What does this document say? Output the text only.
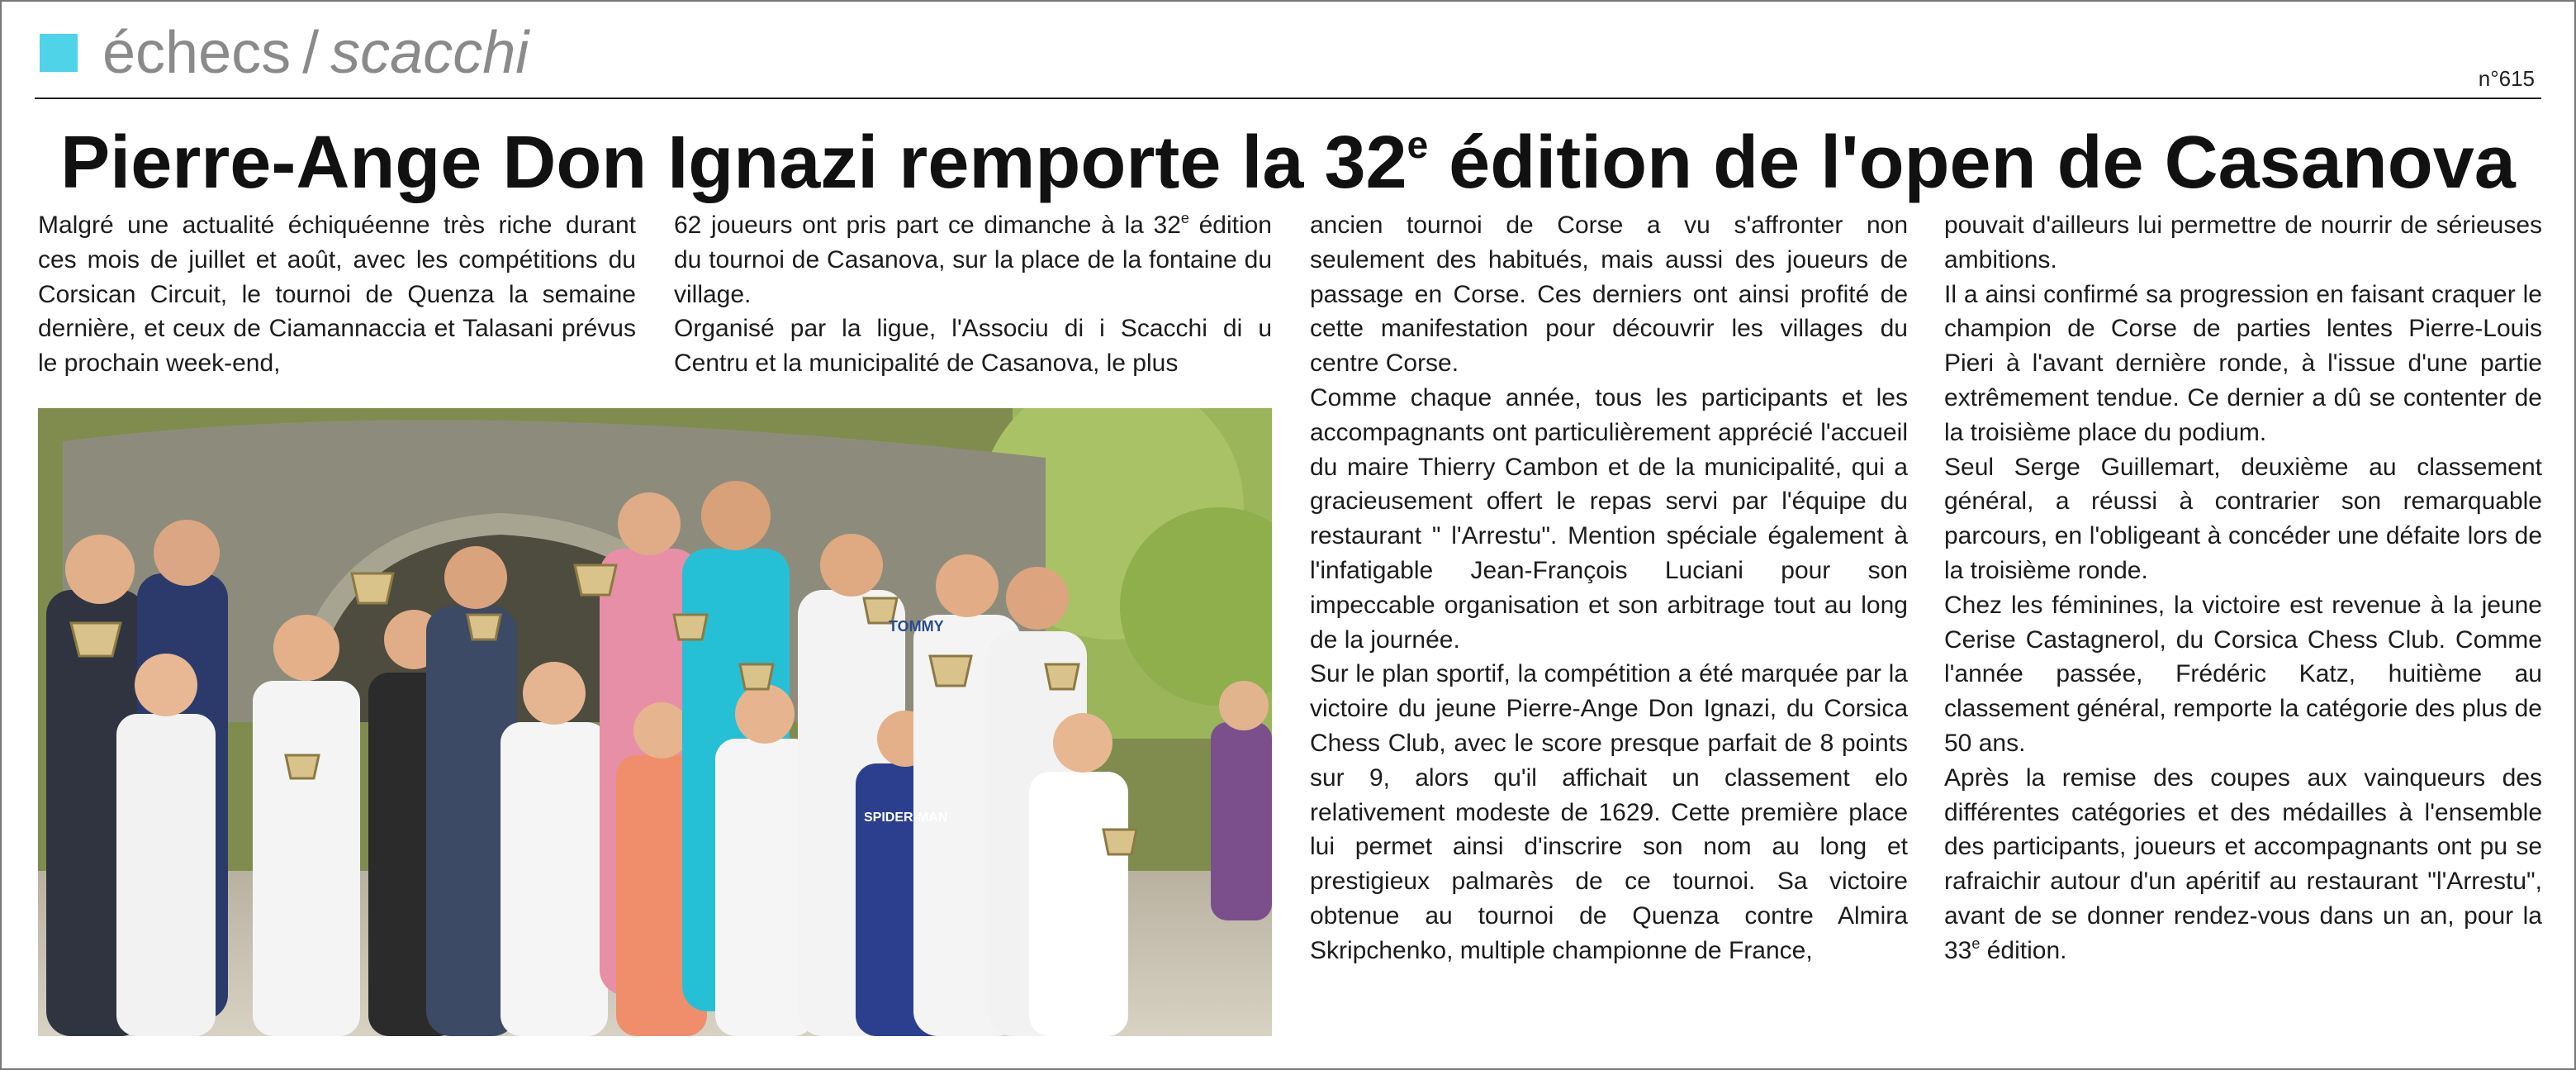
échecs / scacchi	n°615
Pierre-Ange Don Ignazi remporte la 32e édition de l'open de Casanova

Malgré une actualité échiquéenne très riche durant ces mois de juillet et août, avec les compétitions du Corsican Circuit, le tournoi de Quenza la semaine dernière, et ceux de Ciamannaccia et Talasani prévus le prochain week-end,

62 joueurs ont pris part ce dimanche à la 32e édition du tournoi de Casanova, sur la place de la fontaine du village.

Organisé par la ligue, l'Associu di i Scacchi di u Centru et la municipalité de Casanova, le plus

TOMMY
SPIDER-MAN

ancien tournoi de Corse a vu s'affronter non seulement des habitués, mais aussi des joueurs de passage en Corse. Ces derniers ont ainsi profité de cette manifestation pour découvrir les villages du centre Corse.

Comme chaque année, tous les participants et les accompagnants ont particulièrement apprécié l'accueil du maire Thierry Cambon et de la municipalité, qui a gracieusement offert le repas servi par l'équipe du restaurant " l'Arrestu". Mention spéciale également à l'infatigable Jean-François Luciani pour son impeccable organisation et son arbitrage tout au long de la journée.

Sur le plan sportif, la compétition a été marquée par la victoire du jeune Pierre-Ange Don Ignazi, du Corsica Chess Club, avec le score presque parfait de 8 points sur 9, alors qu'il affichait un classement elo relativement modeste de 1629. Cette première place lui permet ainsi d'inscrire son nom au long et prestigieux palmarès de ce tournoi. Sa victoire obtenue au tournoi de Quenza contre Almira Skripchenko, multiple championne de France,

pouvait d'ailleurs lui permettre de nourrir de sérieuses ambitions.

Il a ainsi confirmé sa progression en faisant craquer le champion de Corse de parties lentes Pierre-Louis Pieri à l'avant dernière ronde, à l'issue d'une partie extrêmement tendue. Ce dernier a dû se contenter de la troisième place du podium.

Seul Serge Guillemart, deuxième au classement général, a réussi à contrarier son remarquable parcours, en l'obligeant à concéder une défaite lors de la troisième ronde.

Chez les féminines, la victoire est revenue à la jeune Cerise Castagnerol, du Corsica Chess Club. Comme l'année passée, Frédéric Katz, huitième au classement général, remporte la catégorie des plus de 50 ans.

Après la remise des coupes aux vainqueurs des différentes catégories et des médailles à l'ensemble des participants, joueurs et accompagnants ont pu se rafraichir autour d'un apéritif au restaurant "l'Arrestu", avant de se donner rendez-vous dans un an, pour la 33e édition.
